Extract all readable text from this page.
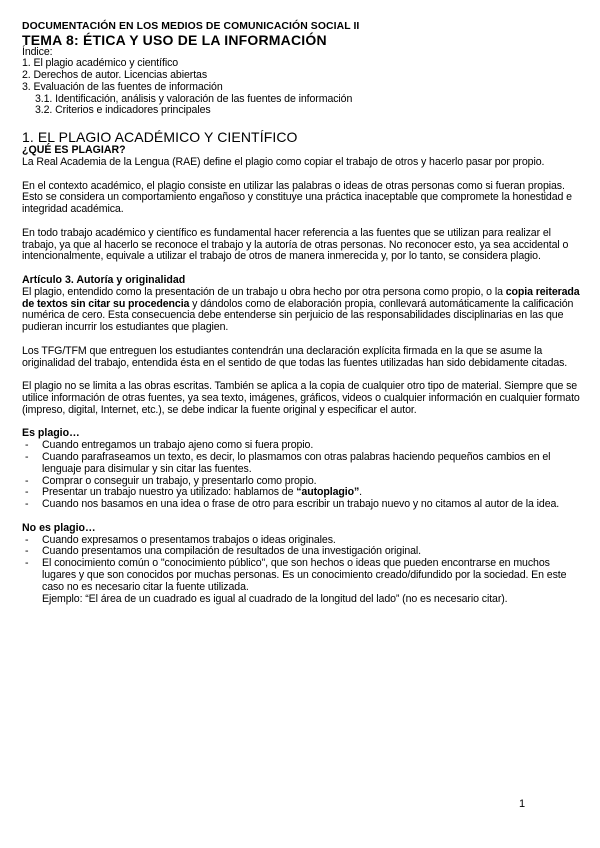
DOCUMENTACIÓN EN LOS MEDIOS DE COMUNICACIÓN SOCIAL II
TEMA 8: ÉTICA Y USO DE LA INFORMACIÓN
Índice:
1. El plagio académico y científico
2. Derechos de autor. Licencias abiertas
3. Evaluación de las fuentes de información
3.1. Identificación, análisis y valoración de las fuentes de información
3.2. Criterios e indicadores principales
1. EL PLAGIO ACADÉMICO Y CIENTÍFICO
¿QUÉ ES PLAGIAR?
La Real Academia de la Lengua (RAE) define el plagio como copiar el trabajo de otros y hacerlo pasar por propio.
En el contexto académico, el plagio consiste en utilizar las palabras o ideas de otras personas como si fueran propias. Esto se considera un comportamiento engañoso y constituye una práctica inaceptable que compromete la honestidad e integridad académica.
En todo trabajo académico y científico es fundamental hacer referencia a las fuentes que se utilizan para realizar el trabajo, ya que al hacerlo se reconoce el trabajo y la autoría de otras personas. No reconocer esto, ya sea accidental o intencionalmente, equivale a utilizar el trabajo de otros de manera inmerecida y, por lo tanto, se considera plagio.
Artículo 3. Autoría y originalidad
El plagio, entendido como la presentación de un trabajo u obra hecho por otra persona como propio, o la copia reiterada de textos sin citar su procedencia y dándolos como de elaboración propia, conllevará automáticamente la calificación numérica de cero. Esta consecuencia debe entenderse sin perjuicio de las responsabilidades disciplinarias en las que pudieran incurrir los estudiantes que plagien.
Los TFG/TFM que entreguen los estudiantes contendrán una declaración explícita firmada en la que se asume la originalidad del trabajo, entendida ésta en el sentido de que todas las fuentes utilizadas han sido debidamente citadas.
El plagio no se limita a las obras escritas. También se aplica a la copia de cualquier otro tipo de material. Siempre que se utilice información de otras fuentes, ya sea texto, imágenes, gráficos, videos o cualquier información en cualquier formato (impreso, digital, Internet, etc.), se debe indicar la fuente original y especificar el autor.
Es plagio…
- Cuando entregamos un trabajo ajeno como si fuera propio.
- Cuando parafraseamos un texto, es decir, lo plasmamos con otras palabras haciendo pequeños cambios en el lenguaje para disimular y sin citar las fuentes.
- Comprar o conseguir un trabajo, y presentarlo como propio.
- Presentar un trabajo nuestro ya utilizado: hablamos de “autoplagio”.
- Cuando nos basamos en una idea o frase de otro para escribir un trabajo nuevo y no citamos al autor de la idea.
No es plagio…
- Cuando expresamos o presentamos trabajos o ideas originales.
- Cuando presentamos una compilación de resultados de una investigación original.
- El conocimiento común o "conocimiento público", que son hechos o ideas que pueden encontrarse en muchos lugares y que son conocidos por muchas personas. Es un conocimiento creado/difundido por la sociedad. En este caso no es necesario citar la fuente utilizada.
Ejemplo: “El área de un cuadrado es igual al cuadrado de la longitud del lado” (no es necesario citar).
1
